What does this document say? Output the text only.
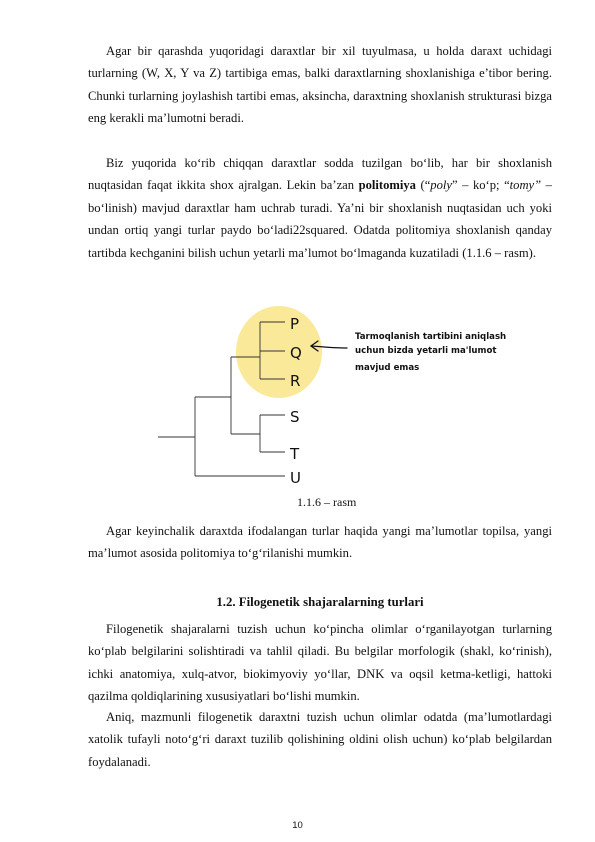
Agar bir qarashda yuqoridagi daraxtlar bir xil tuyulmasa, u holda daraxt uchidagi turlarning (W, X, Y va Z) tartibiga emas, balki daraxtlarning shoxlanishiga e’tibor bering. Chunki turlarning joylashish tartibi emas, aksincha, daraxtning shoxlanish strukturasi bizga eng kerakli ma’lumotni beradi.

Biz yuqorida ko‘rib chiqqan daraxtlar sodda tuzilgan bo‘lib, har bir shoxlanish nuqtasidan faqat ikkita shox ajralgan. Lekin ba’zan politomiya (“poly” – ko‘p; “tomy” – bo‘linish) mavjud daraxtlar ham uchrab turadi. Ya’ni bir shoxlanish nuqtasidan uch yoki undan ortiq yangi turlar paydo bo‘ladi22squared. Odatda politomiya shoxlanish qanday tartibda kechganini bilish uchun yetarli ma’lumot bo‘lmaganda kuzatiladi (1.1.6 – rasm).

P
Q
R
S
T
U
Tarmoqlanish tartibini aniqlash
uchun bizda yetarli ma'lumot
mavjud emas
1.1.6 – rasm

Agar keyinchalik daraxtda ifodalangan turlar haqida yangi ma’lumotlar topilsa, yangi ma’lumot asosida politomiya to‘g‘rilanishi mumkin.

1.2. Filogenetik shajaralarning turlari

Filogenetik shajaralarni tuzish uchun ko‘pincha olimlar o‘rganilayotgan turlarning ko‘plab belgilarini solishtiradi va tahlil qiladi. Bu belgilar morfologik (shakl, ko‘rinish), ichki anatomiya, xulq-atvor, biokimyoviy yo‘llar, DNK va oqsil ketma-ketligi, hattoki qazilma qoldiqlarining xususiyatlari bo‘lishi mumkin.

Aniq, mazmunli filogenetik daraxtni tuzish uchun olimlar odatda (ma’lumotlardagi xatolik tufayli noto‘g‘ri daraxt tuzilib qolishining oldini olish uchun) ko‘plab belgilardan foydalanadi.

10
